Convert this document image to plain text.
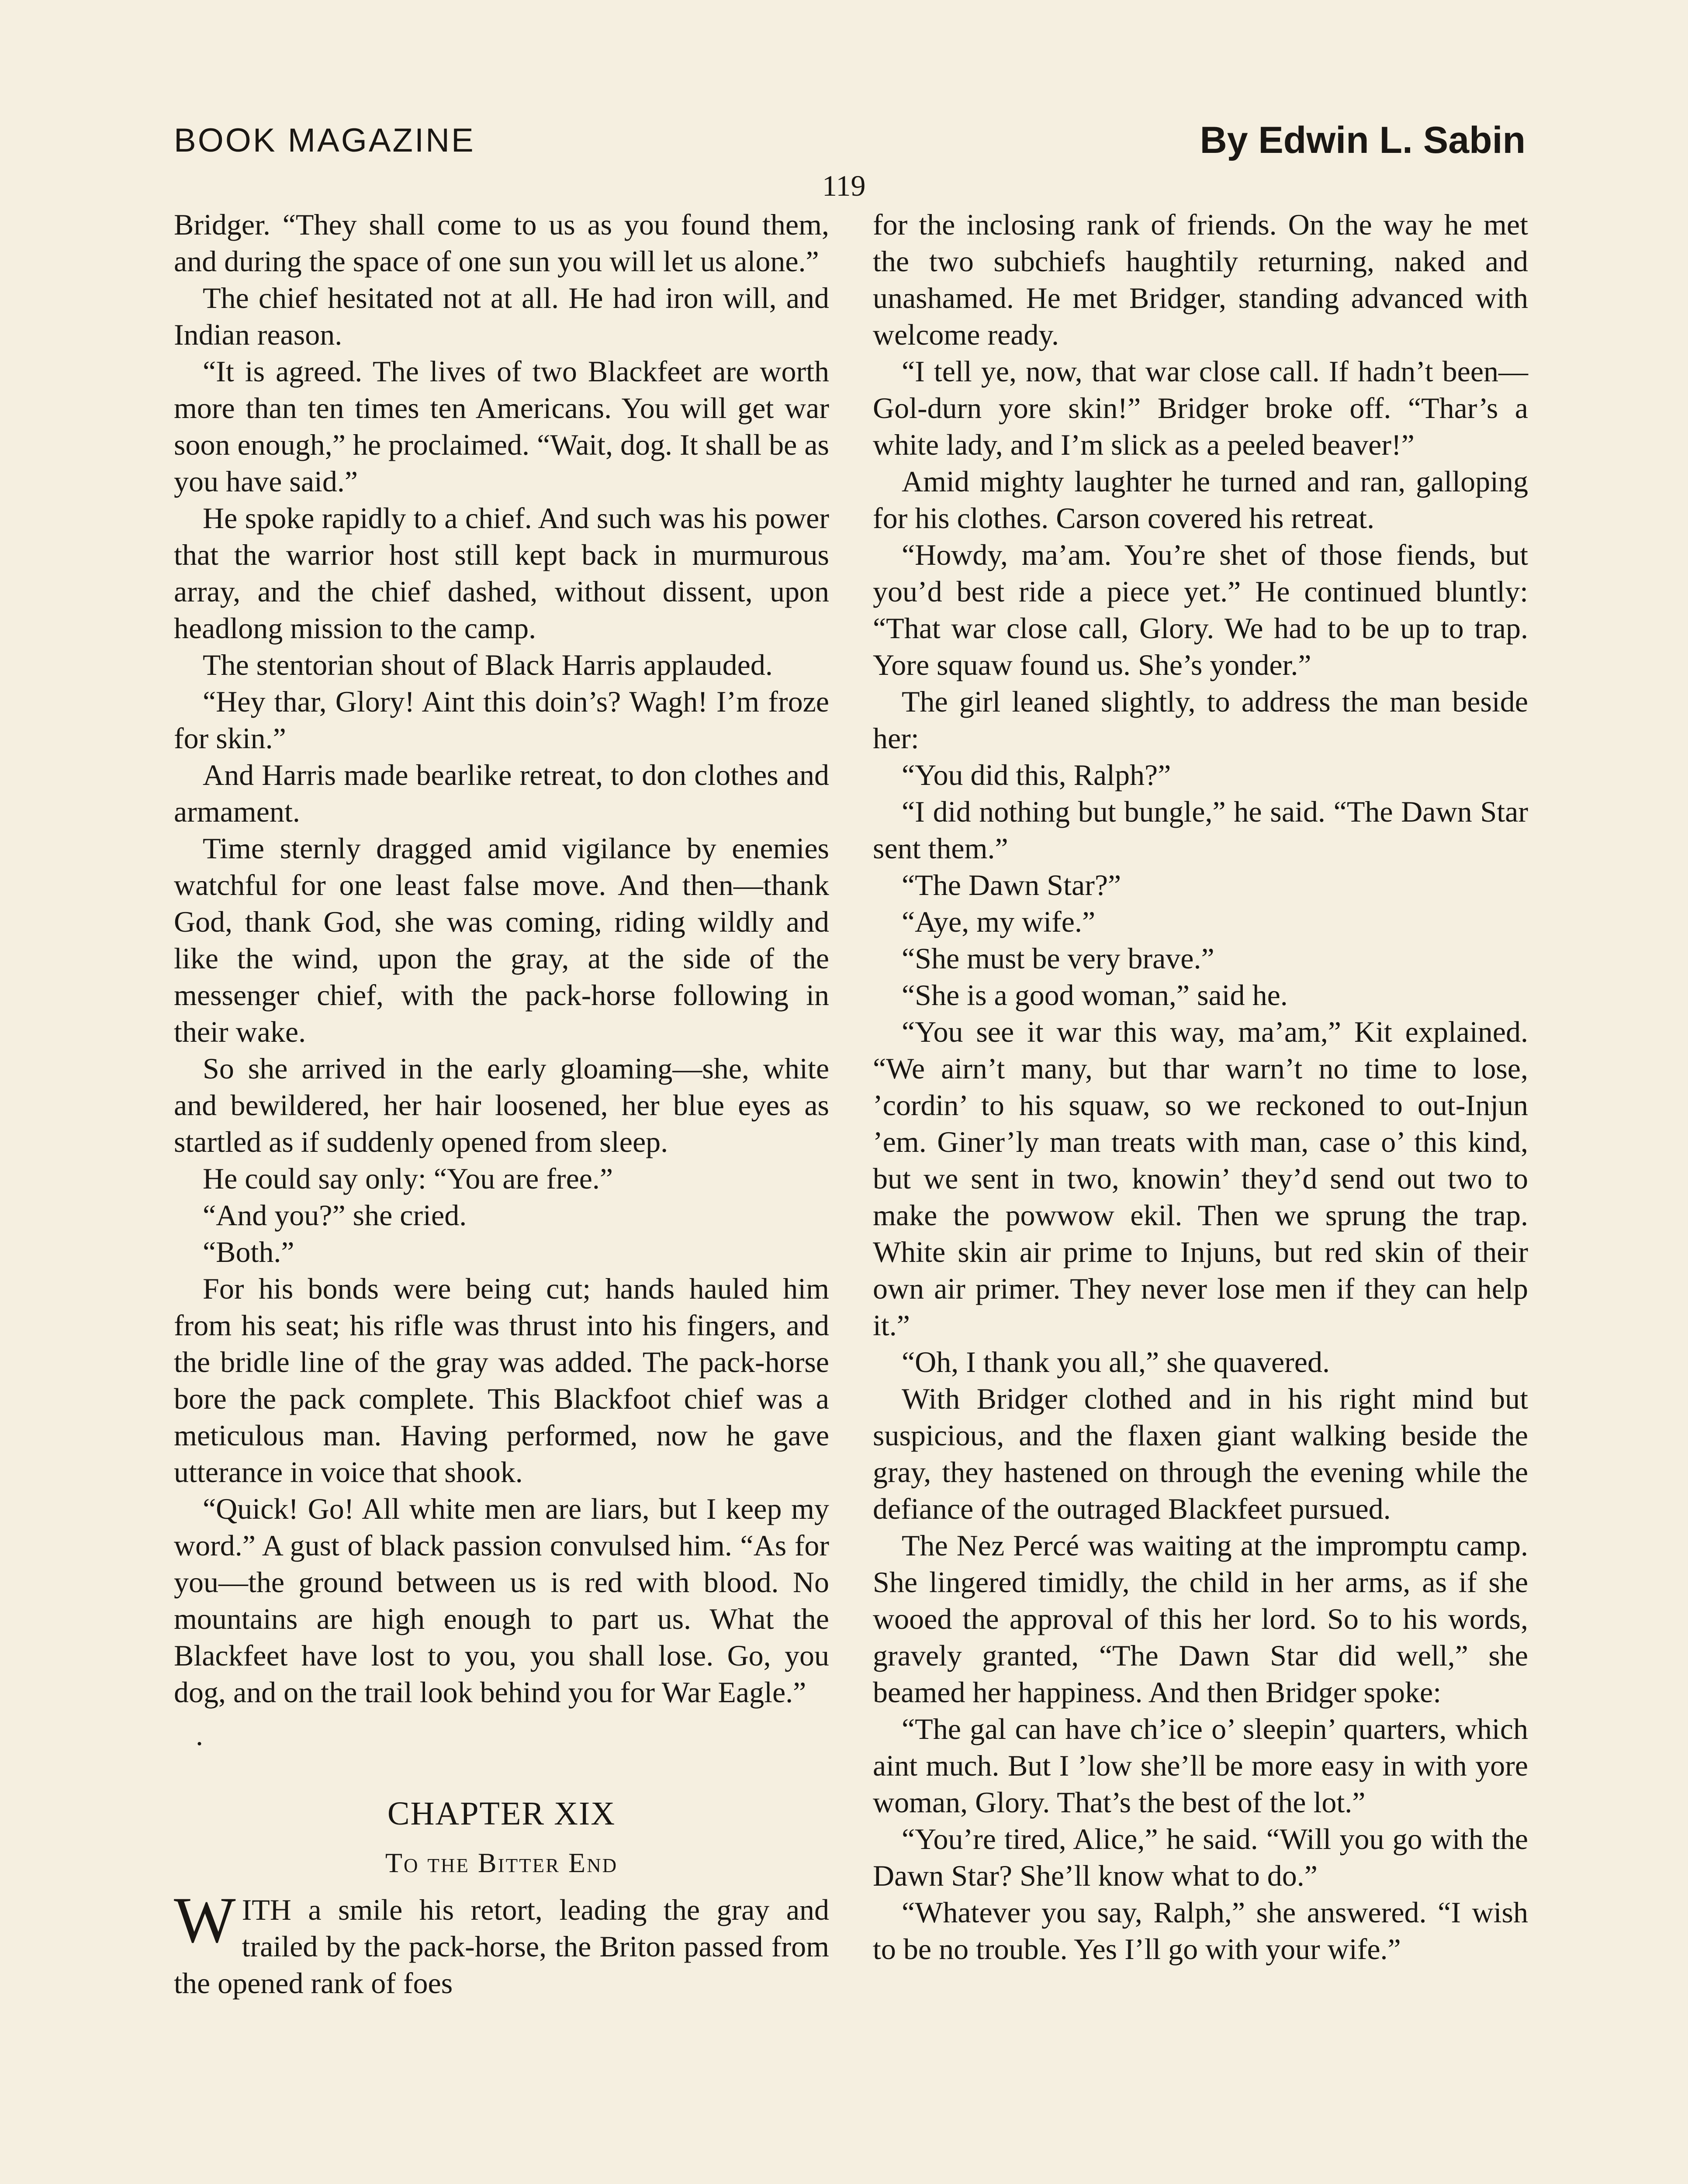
BOOK MAGAZINE	By Edwin L. Sabin
119

Bridger. “They shall come to us as you found them, and during the space of one sun you will let us alone.”

The chief hesitated not at all. He had iron will, and Indian reason.

“It is agreed. The lives of two Blackfeet are worth more than ten times ten Americans. You will get war soon enough,” he proclaimed. “Wait, dog. It shall be as you have said.”

He spoke rapidly to a chief. And such was his power that the warrior host still kept back in murmurous array, and the chief dashed, without dissent, upon headlong mission to the camp.

The stentorian shout of Black Harris applauded.

“Hey thar, Glory! Aint this doin’s? Wagh! I’m froze for skin.”

And Harris made bearlike retreat, to don clothes and armament.

Time sternly dragged amid vigilance by enemies watchful for one least false move. And then—thank God, thank God, she was coming, riding wildly and like the wind, upon the gray, at the side of the messenger chief, with the pack-horse following in their wake.

So she arrived in the early gloaming—she, white and bewildered, her hair loosened, her blue eyes as startled as if suddenly opened from sleep.

He could say only: “You are free.”

“And you?” she cried.

“Both.”

For his bonds were being cut; hands hauled him from his seat; his rifle was thrust into his fingers, and the bridle line of the gray was added. The pack-horse bore the pack complete. This Blackfoot chief was a meticulous man. Having performed, now he gave utterance in voice that shook.

“Quick! Go! All white men are liars, but I keep my word.” A gust of black passion convulsed him. “As for you—the ground between us is red with blood. No mountains are high enough to part us. What the Blackfeet have lost to you, you shall lose. Go, you dog, and on the trail look behind you for War Eagle.”

.
CHAPTER XIX
To the Bitter End

WITH a smile his retort, leading the gray and trailed by the pack-horse, the Briton passed from the opened rank of foes

for the inclosing rank of friends. On the way he met the two subchiefs haughtily returning, naked and unashamed. He met Bridger, standing advanced with welcome ready.

“I tell ye, now, that war close call. If hadn’t been— Gol-durn yore skin!” Bridger broke off. “Thar’s a white lady, and I’m slick as a peeled beaver!”

Amid mighty laughter he turned and ran, galloping for his clothes. Carson covered his retreat.

“Howdy, ma’am. You’re shet of those fiends, but you’d best ride a piece yet.” He continued bluntly: “That war close call, Glory. We had to be up to trap. Yore squaw found us. She’s yonder.”

The girl leaned slightly, to address the man beside her:

“You did this, Ralph?”

“I did nothing but bungle,” he said. “The Dawn Star sent them.”

“The Dawn Star?”

“Aye, my wife.”

“She must be very brave.”

“She is a good woman,” said he.

“You see it war this way, ma’am,” Kit explained. “We airn’t many, but thar warn’t no time to lose, ’cordin’ to his squaw, so we reckoned to out-Injun ’em. Giner’ly man treats with man, case o’ this kind, but we sent in two, knowin’ they’d send out two to make the powwow ekil. Then we sprung the trap. White skin air prime to Injuns, but red skin of their own air primer. They never lose men if they can help it.”

“Oh, I thank you all,” she quavered.

With Bridger clothed and in his right mind but suspicious, and the flaxen giant walking beside the gray, they hastened on through the evening while the defiance of the outraged Blackfeet pursued.

The Nez Percé was waiting at the impromptu camp. She lingered timidly, the child in her arms, as if she wooed the approval of this her lord. So to his words, gravely granted, “The Dawn Star did well,” she beamed her happiness. And then Bridger spoke:

“The gal can have ch’ice o’ sleepin’ quarters, which aint much. But I ’low she’ll be more easy in with yore woman, Glory. That’s the best of the lot.”

“You’re tired, Alice,” he said. “Will you go with the Dawn Star? She’ll know what to do.”

“Whatever you say, Ralph,” she answered. “I wish to be no trouble. Yes I’ll go with your wife.”
